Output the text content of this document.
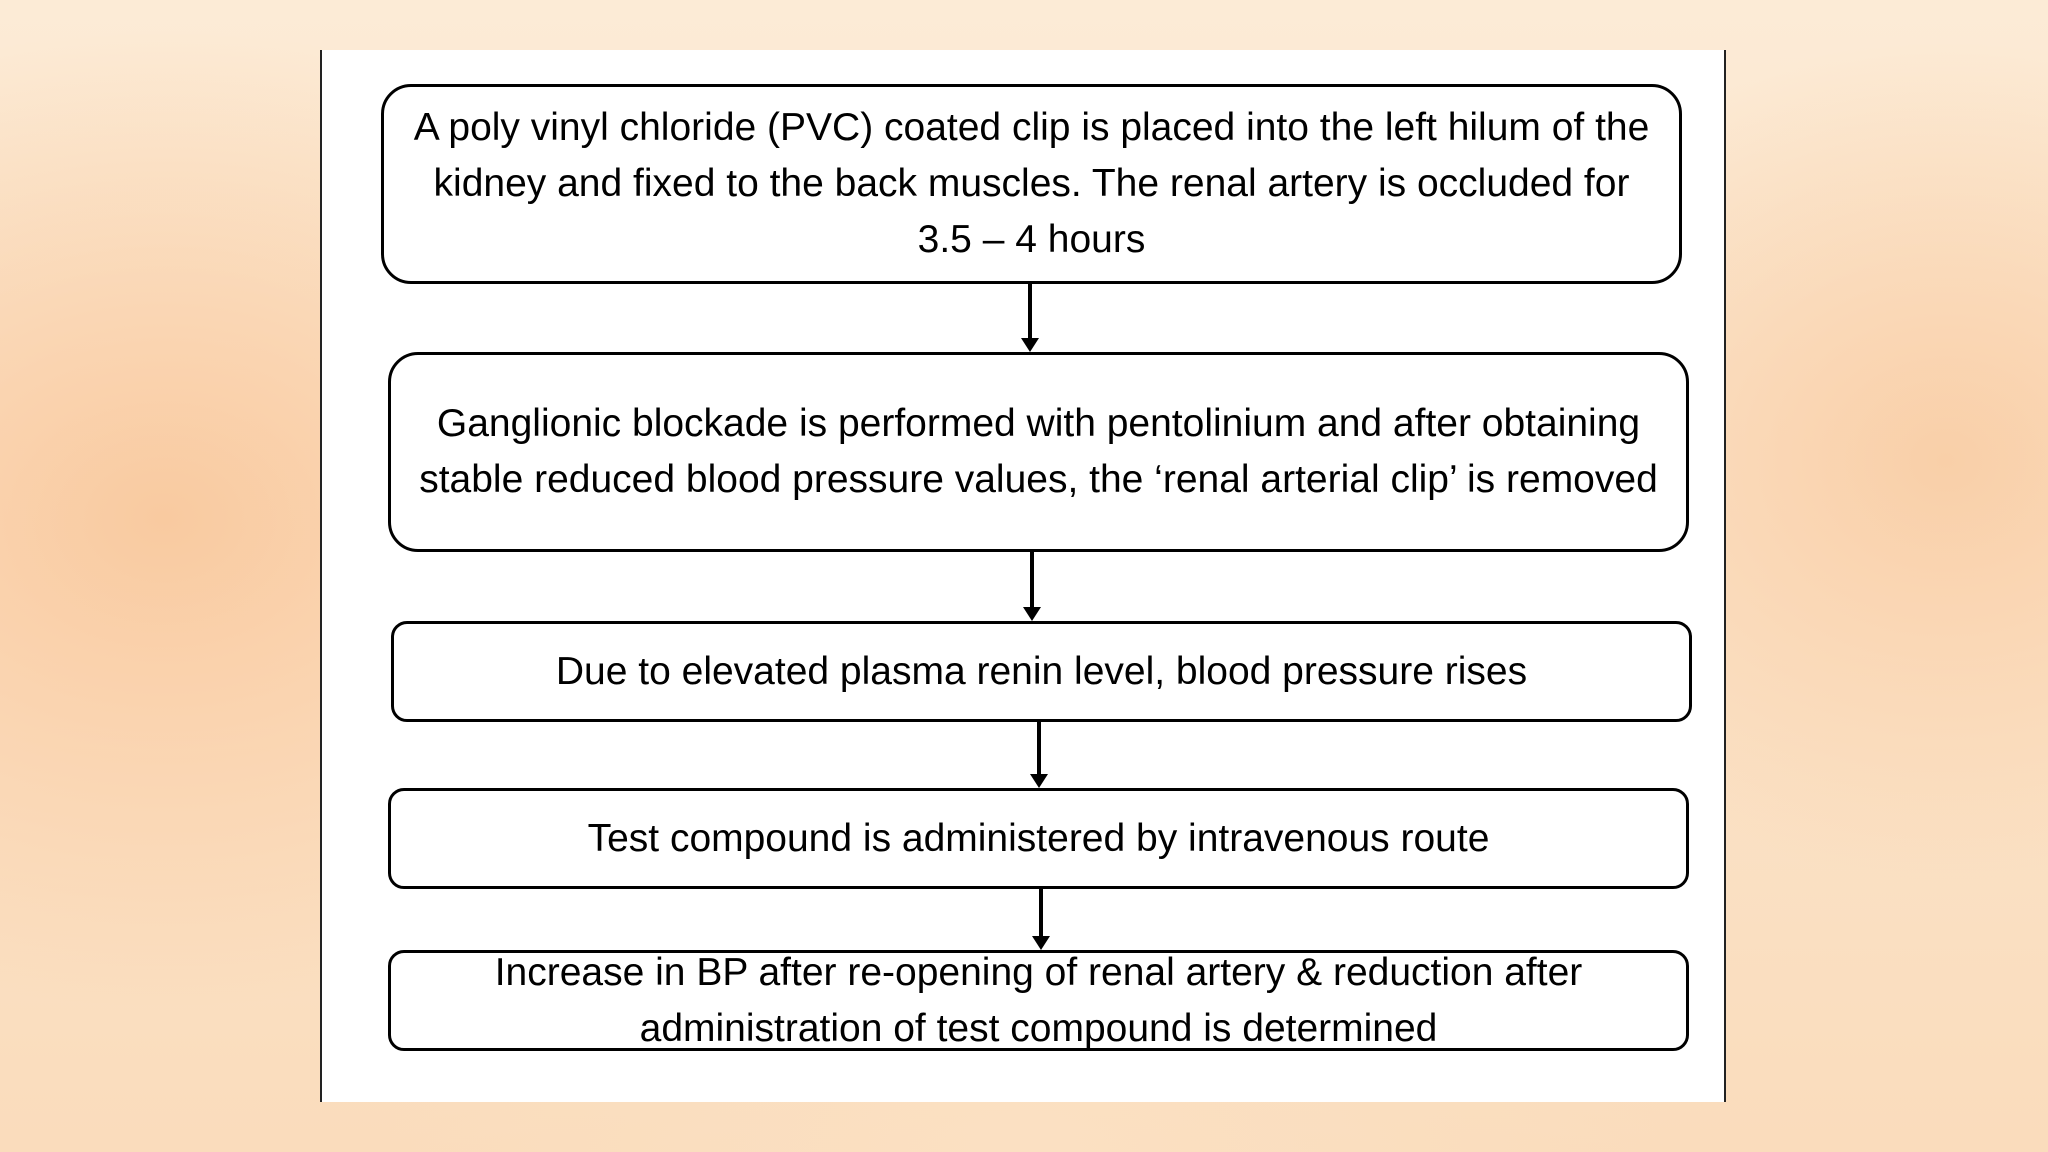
A poly vinyl chloride (PVC) coated clip is placed into the left hilum of the kidney and fixed to the back muscles. The renal artery is occluded for 3.5 – 4 hours
Ganglionic blockade is performed with pentolinium and after obtaining stable reduced blood pressure values, the ‘renal arterial clip’ is removed
Due to elevated plasma renin level, blood pressure rises
Test compound is administered by intravenous route
Increase in BP after re-opening of renal artery & reduction after administration of test compound is determined
